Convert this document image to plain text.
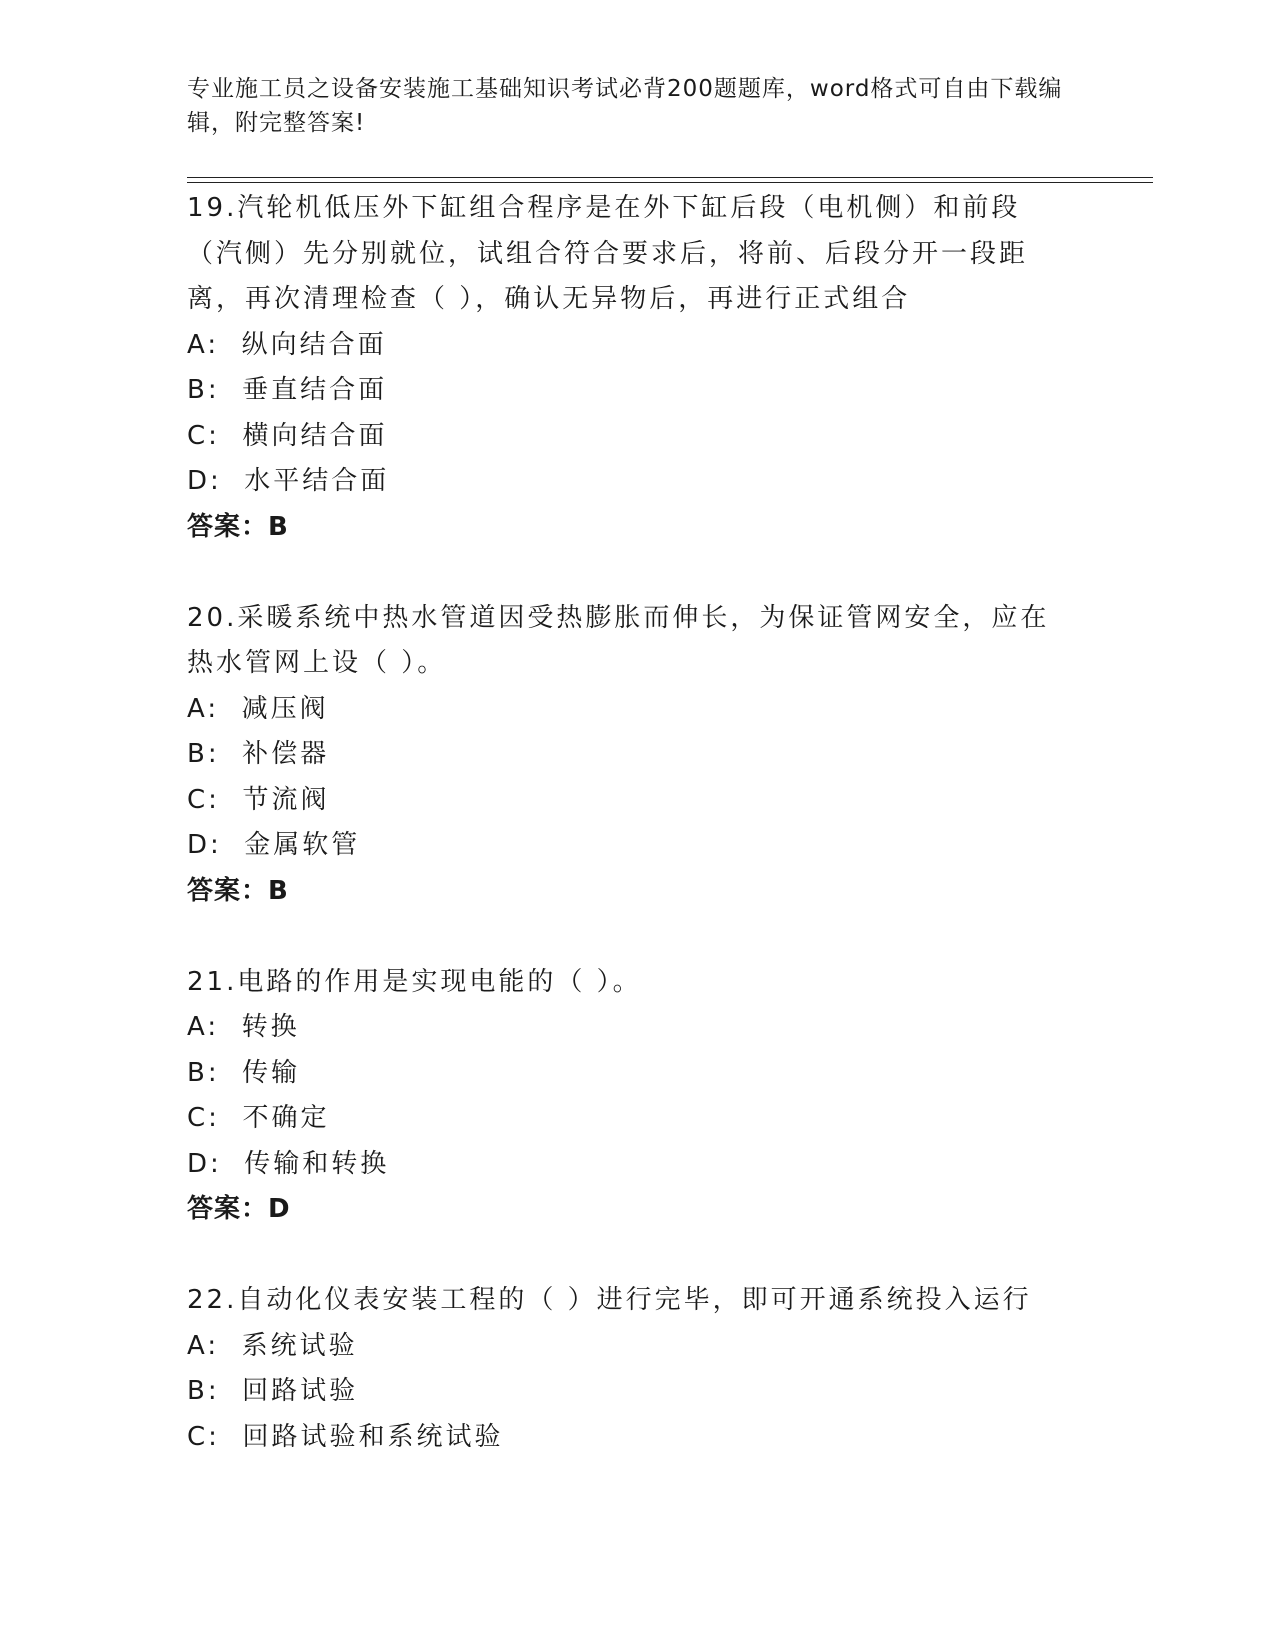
专业施工员之设备安装施工基础知识考试必背200题题库，word格式可自由下载编辑，附完整答案!

19.汽轮机低压外下缸组合程序是在外下缸后段（电机侧）和前段（汽侧）先分别就位，试组合符合要求后，将前、后段分开一段距离，再次清理检查（ ），确认无异物后，再进行正式组合

A:  纵向结合面

B:  垂直结合面

C:  横向结合面

D:  水平结合面

答案：B

20.采暖系统中热水管道因受热膨胀而伸长，为保证管网安全，应在热水管网上设（ ）。

A:  减压阀

B:  补偿器

C:  节流阀

D:  金属软管

答案：B

21.电路的作用是实现电能的（ ）。

A:  转换

B:  传输

C:  不确定

D:  传输和转换

答案：D

22.自动化仪表安装工程的（ ）进行完毕，即可开通系统投入运行

A:  系统试验

B:  回路试验

C:  回路试验和系统试验
